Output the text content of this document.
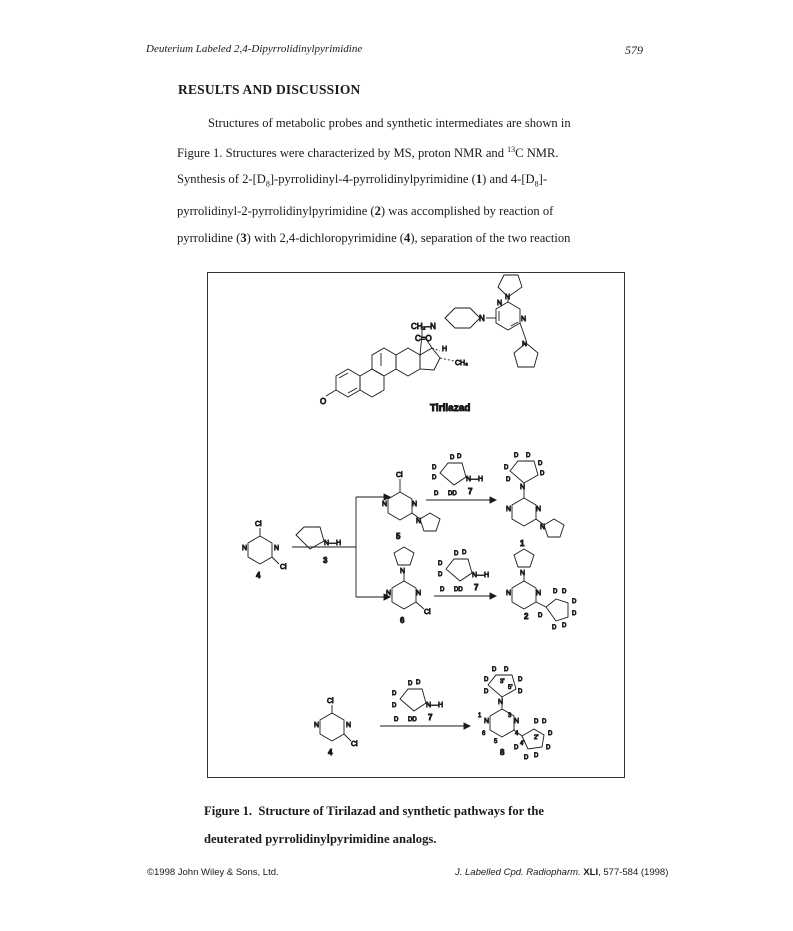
Deuterium Labeled 2,4-Dipyrrolidinylpyrimidine	579
RESULTS AND DISCUSSION

Structures of metabolic probes and synthetic intermediates are shown in

Figure 1. Structures were characterized by MS, proton NMR and $^{13}$C NMR.

Synthesis of $2-[D_8]-pyrrolidinyl-4$-pyrrolidinylpyrimidine (1) and $4-[D_8]-$

pyrrolidinyl-2-pyrrolidinylpyrimidine (2) was accomplished by reaction of

pyrrolidine (3) with 2,4-dichloropyrimidine (4), separation of the two reaction

O
CH₂–N
C=O
H
CH₃
N
N
N
N
N
Tirilazad
Cl
N	N
Cl
4
N—H
3
Cl
N	N
N
5
N—H
D D
D
D
D DD 7
D D
D
D
D
D
N
N	N
N
1
N
N	N
Cl
6
N—H
D D
D
D
D DD 7
N
N	N D D
D
D
D
D D
2
Cl
N	N
Cl
4
N—H
D D
D
D
D DD 7
D D
D
D
D
D
3'
5'
N
1
N
3
N
4
5
6
2'
4'
D D
D
D
D
D D
8

Figure 1.  Structure of Tirilazad and synthetic pathways for the

deuterated pyrrolidinylpyrimidine analogs.

©1998 John Wiley & Sons, Ltd.	J. Labelled Cpd. Radiopharm. XLI, 577-584 (1998)
